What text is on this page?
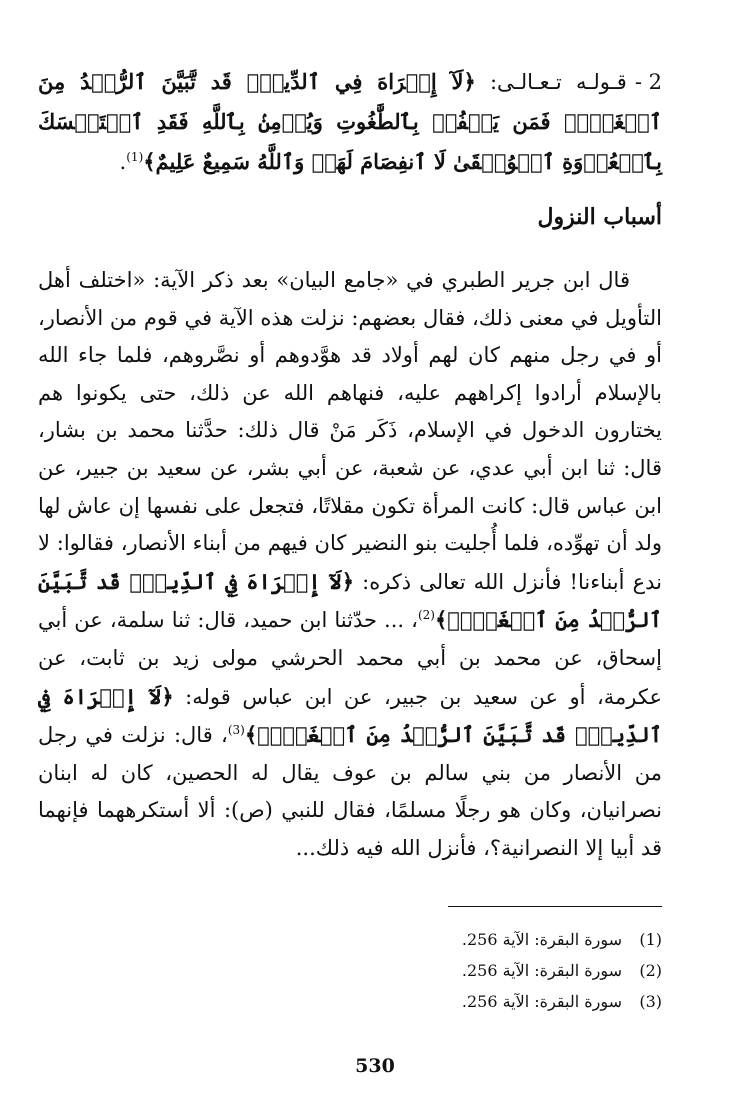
2 -قـولـه تـعـالـى: ﴿لَآ إِكۡرَاهَ فِي ٱلدِّينِۖ قَد تَّبَيَّنَ ٱلرُّشۡدُ مِنَ ٱلۡغَيِّۚ فَمَن يَكۡفُرۡ بِٱلطَّٰغُوتِ وَيُؤۡمِنۢ بِٱللَّهِ فَقَدِ ٱسۡتَمۡسَكَ بِٱلۡعُرۡوَةِ ٱلۡوُثۡقَىٰ لَا ٱنفِصَامَ لَهَاۗ وَٱللَّهُ سَمِيعٌ عَلِيمٌ﴾$^{(1)}$.

أسباب النزول

قال ابن جرير الطبري في «جامع البيان» بعد ذكر الآية: «اختلف أهل التأويل في معنى ذلك، فقال بعضهم: نزلت هذه الآية في قوم من الأنصار، أو في رجل منهم كان لهم أولاد قد هوَّدوهم أو نصَّروهم، فلما جاء الله بالإسلام أرادوا إكراههم عليه، فنهاهم الله عن ذلك، حتى يكونوا هم يختارون الدخول في الإسلام، ذَكَر مَنْ قال ذلك: حدَّثنا محمد بن بشار، قال: ثنا ابن أبي عدي، عن شعبة، عن أبي بشر، عن سعيد بن جبير، عن ابن عباس قال: كانت المرأة تكون مقلاتًا، فتجعل على نفسها إن عاش لها ولد أن تهوِّده، فلما أُجليت بنو النضير كان فيهم من أبناء الأنصار، فقالوا: لا ندع أبناءنا! فأنزل الله تعالى ذكره: ﴿لَآ إِكۡرَاهَ فِي ٱلدِّينِۖ قَد تَّبَيَّنَ ٱلرُّشۡدُ مِنَ ٱلۡغَيِّۚ﴾$^{(2)}$، ... حدّثنا ابن حميد، قال: ثنا سلمة، عن أبي إسحاق، عن محمد بن أبي محمد الحرشي مولى زيد بن ثابت، عن عكرمة، أو عن سعيد بن جبير، عن ابن عباس قوله: ﴿لَآ إِكۡرَاهَ فِي ٱلدِّينِۖ قَد تَّبَيَّنَ ٱلرُّشۡدُ مِنَ ٱلۡغَيِّۚ﴾$^{(3)}$، قال: نزلت في رجل من الأنصار من بني سالم بن عوف يقال له الحصين، كان له ابنان نصرانيان، وكان هو رجلًا مسلمًا، فقال للنبي (ص): ألا أستكرههما فإنهما قد أبيا إلا النصرانية؟، فأنزل الله فيه ذلك...

(1)سورة البقرة: الآية 256.
(2)سورة البقرة: الآية 256.
(3)سورة البقرة: الآية 256.
530
